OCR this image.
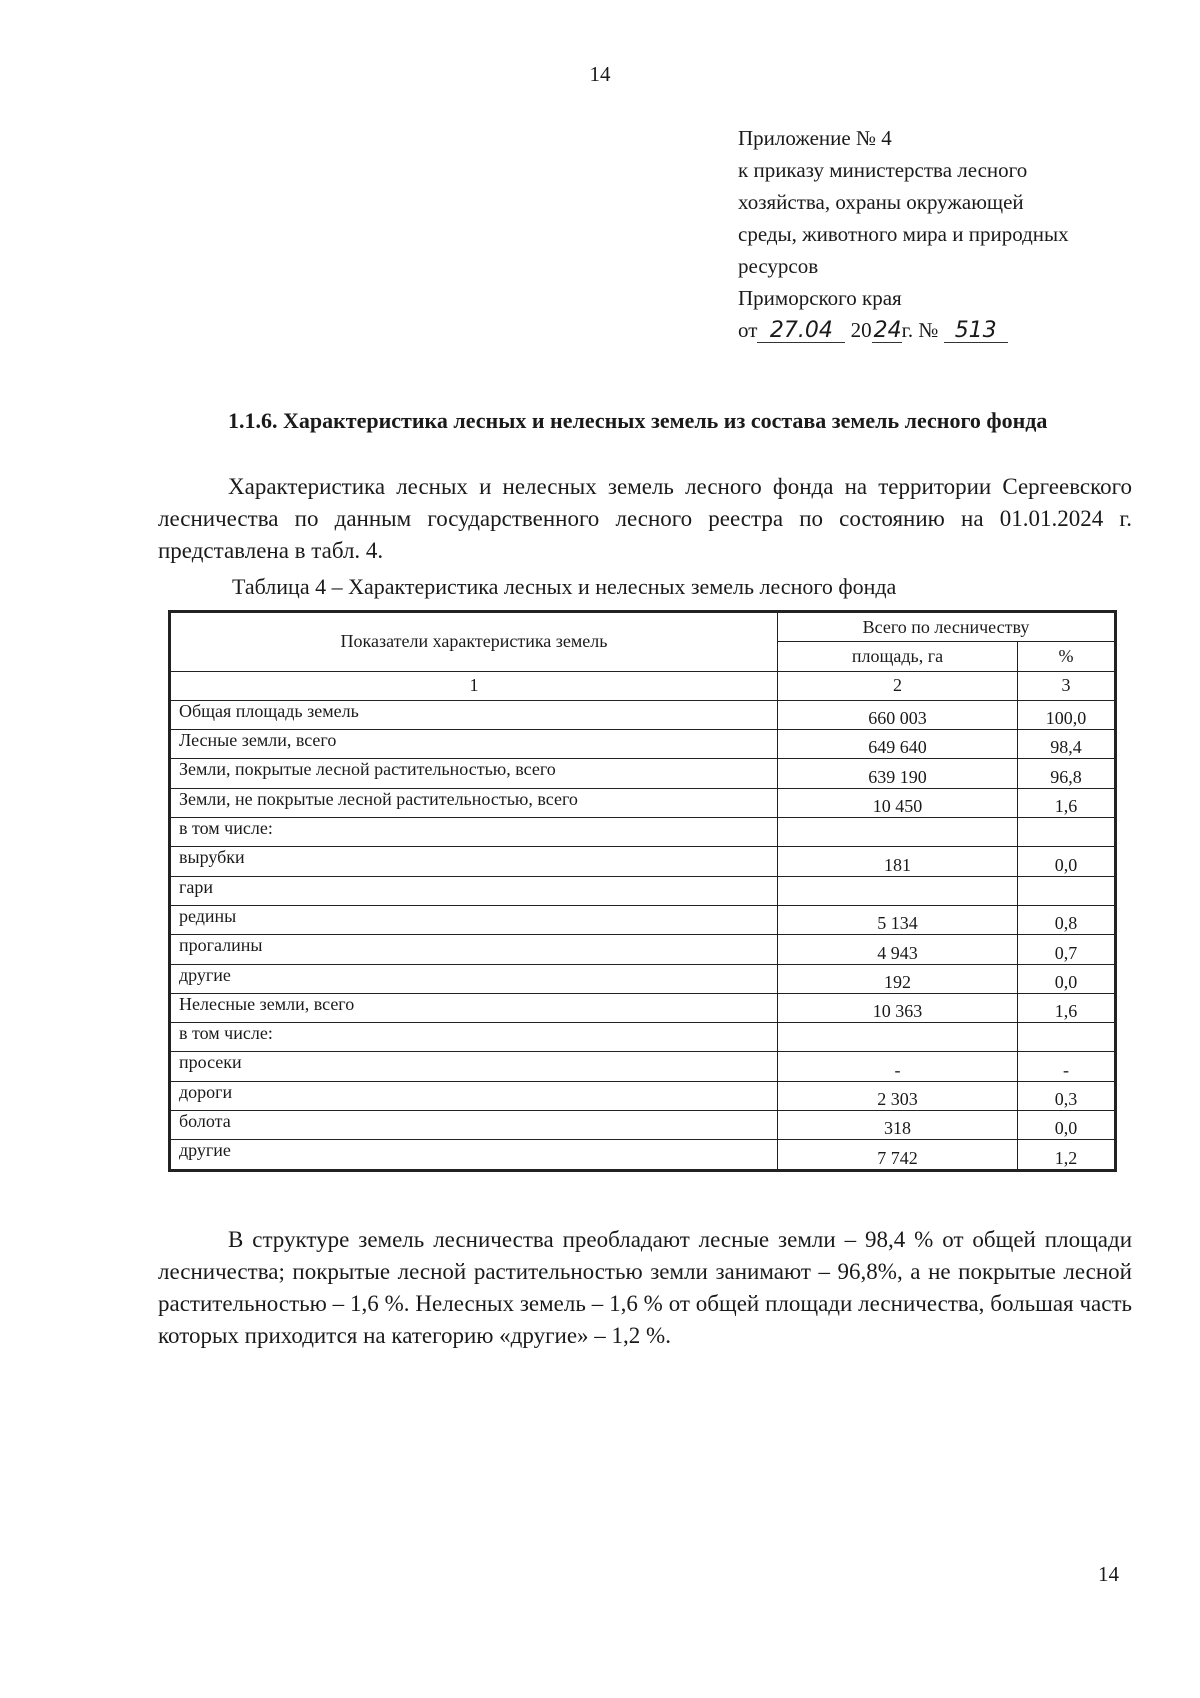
14
Приложение № 4
к приказу министерства лесного
хозяйства, охраны окружающей
среды, животного мира и природных
ресурсов
Приморского края
от 27.04 2024г. № 513
1.1.6. Характеристика лесных и нелесных земель из состава земель лесного фонда
Характеристика лесных и нелесных земель лесного фонда на территории Сергеевского лесничества по данным государственного лесного реестра по состоянию на 01.01.2024 г. представлена в табл. 4.
Таблица 4 – Характеристика лесных и нелесных земель лесного фонда
Показатели характеристика земель	Всего по лесничеству	
	площадь, га	%
1	2	3
Общая площадь земель	660 003	100,0
Лесные земли, всего	649 640	98,4
Земли, покрытые лесной растительностью, всего	639 190	96,8
Земли, не покрытые лесной растительностью, всего	10 450	1,6
в том числе:		
вырубки	181	0,0
гари		
редины	5 134	0,8
прогалины	4 943	0,7
другие	192	0,0
Нелесные земли, всего	10 363	1,6
в том числе:		
просеки	-	-
дороги	2 303	0,3
болота	318	0,0
другие	7 742	1,2
В структуре земель лесничества преобладают лесные земли – 98,4 % от общей площади лесничества; покрытые лесной растительностью земли занимают – 96,8%, а не покрытые лесной растительностью – 1,6 %. Нелесных земель – 1,6 % от общей площади лесничества, большая часть которых приходится на категорию «другие» – 1,2 %.
14
